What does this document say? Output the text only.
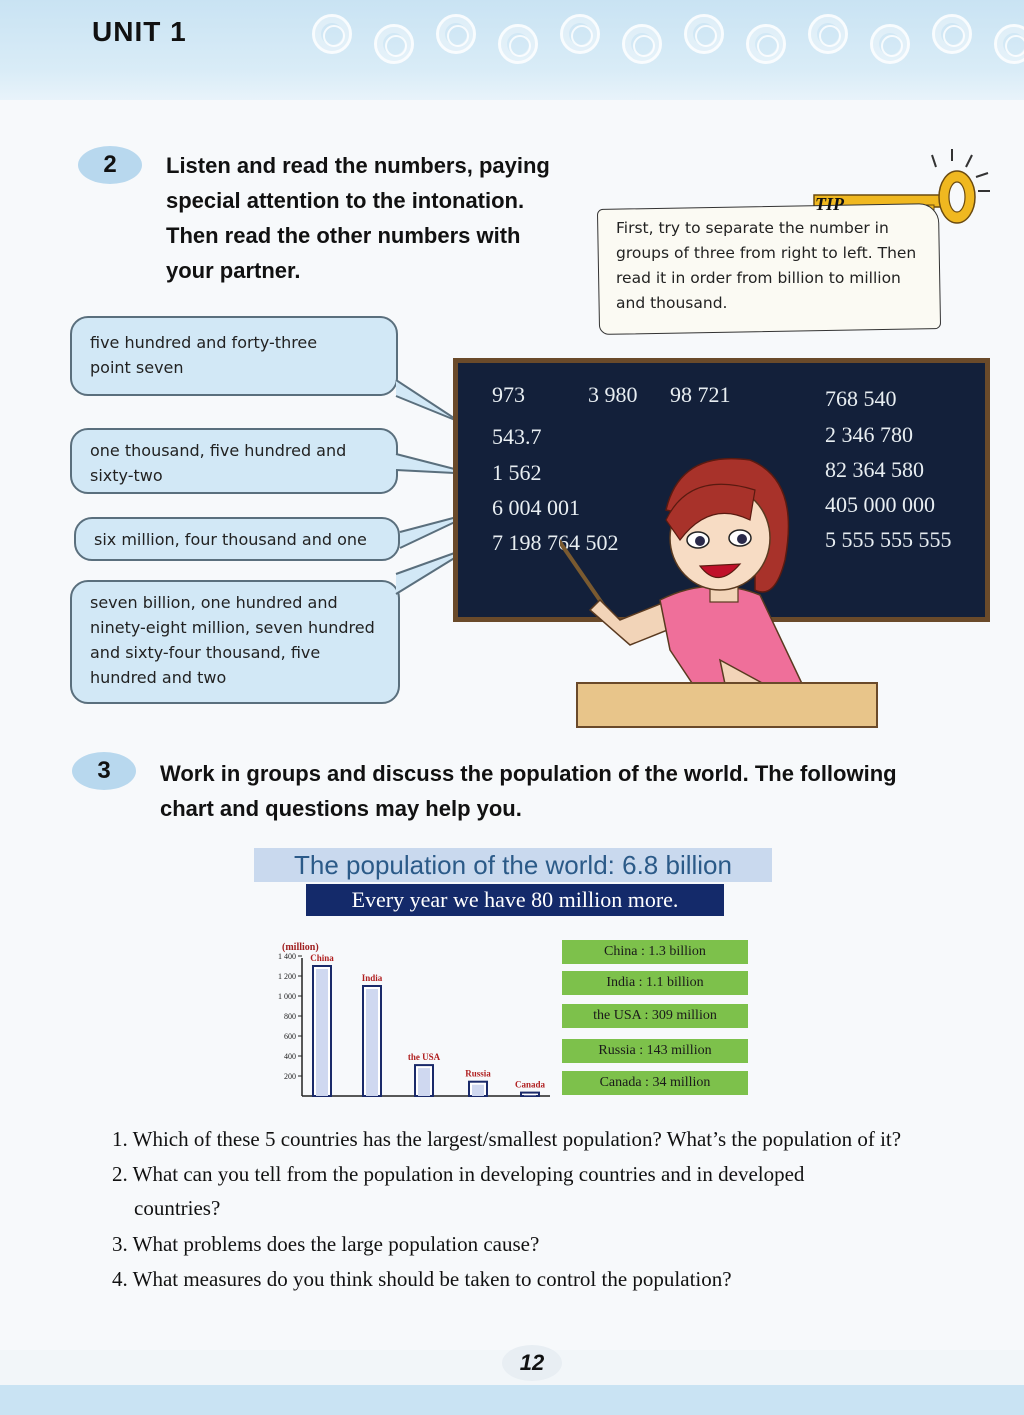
UNIT 1
2	Listen and read the numbers, paying
special attention to the intonation.
Then read the other numbers with
your partner.
TIP
First, try to separate the number in groups of three from right to left. Then read it in order from billion to million and thousand.
five hundred and forty-three
point seven
one thousand, five hundred and
sixty-two
six million, four thousand and one
seven billion, one hundred and
ninety-eight million, seven hundred
and sixty-four thousand, five
hundred and two
973	3 980 98 721
543.7
1 562
6 004 001
7 198 764 502
768 540
2 346 780
82 364 580
405 000 000
5 555 555 555
3	Work in groups and discuss the population of the world. The following
chart and questions may help you.
The population of the world: 6.8 billion
Every year we have 80 million more.
(million)
1 400
1 200
1 000
800
600
400
200
China
India
the USA
Russia
Canada
China : 1.3 billion
India : 1.1 billion
the USA : 309 million
Russia : 143 million
Canada : 34 million
1. Which of these 5 countries has the largest/smallest population? What’s the population of it?
2. What can you tell from the population in developing countries and in developed
countries?
3. What problems does the large population cause?
4. What measures do you think should be taken to control the population?
12
